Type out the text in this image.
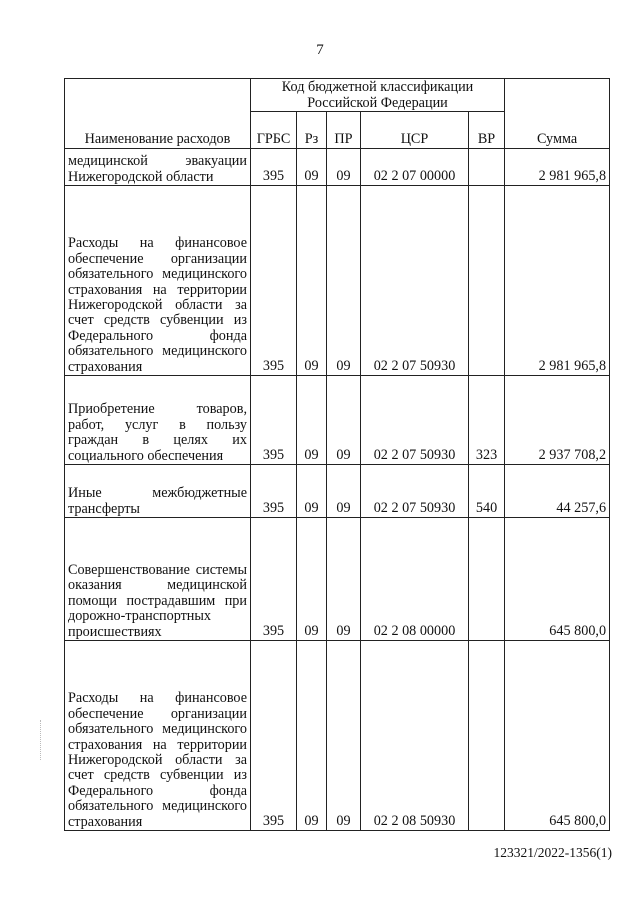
7
Наименование расходов	Код бюджетной классификации Российской Федерации					Сумма
	ГРБС	Рз	ПР	ЦСР	ВР	
медицинской эвакуации Нижегородской области	395	09	09	02 2 07 00000		2 981 965,8
Расходы на финансовое обеспечение организации обязательного медицинского страхования на территории Нижегородской области за счет средств субвенции из Федерального фонда обязательного медицинского страхования	395	09	09	02 2 07 50930		2 981 965,8
Приобретение товаров, работ, услуг в пользу граждан в целях их социального обеспечения	395	09	09	02 2 07 50930	323	2 937 708,2
Иные межбюджетные трансферты	395	09	09	02 2 07 50930	540	44 257,6
Совершенствование системы оказания медицинской помощи пострадавшим при дорожно-транспортных происшествиях	395	09	09	02 2 08 00000		645 800,0
Расходы на финансовое обеспечение организации обязательного медицинского страхования на территории Нижегородской области за счет средств субвенции из Федерального фонда обязательного медицинского страхования	395	09	09	02 2 08 50930		645 800,0
123321/2022-1356(1)
